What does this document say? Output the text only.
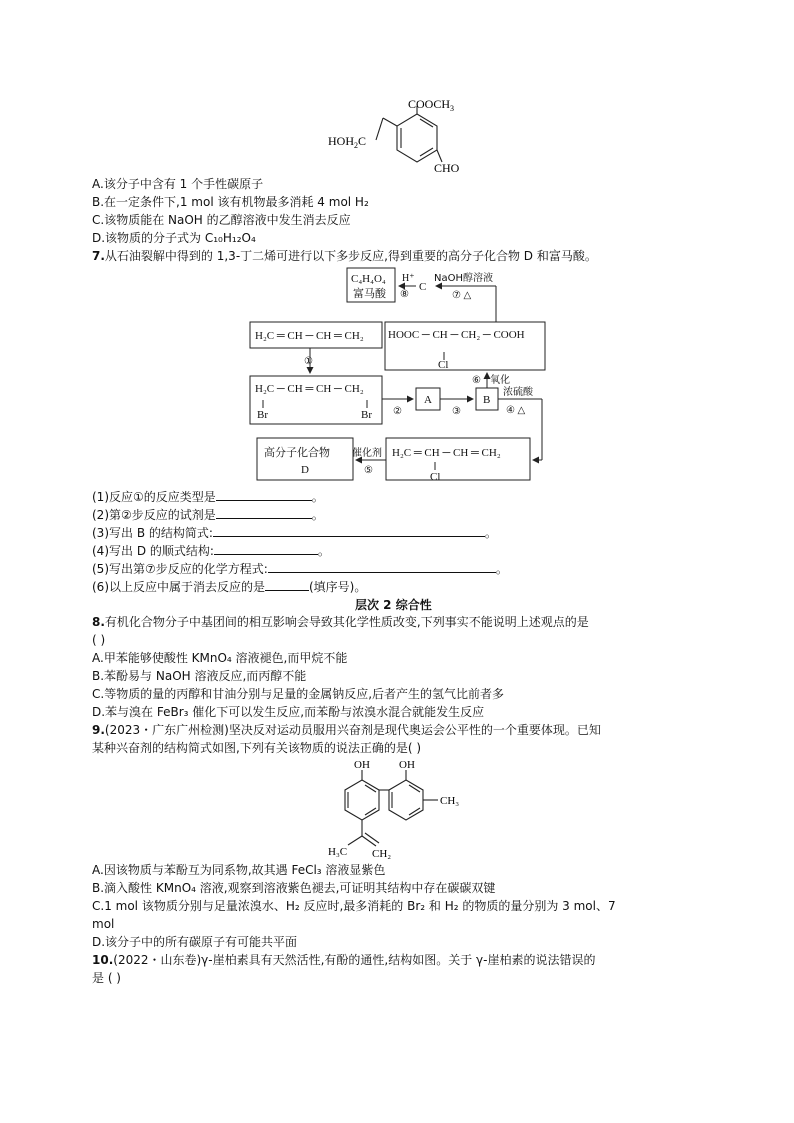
$COOCH_3$
$HOH_2C$
CHO
A.该分子中含有 1 个手性碳原子
B.在一定条件下,1 mol 该有机物最多消耗 4 mol H₂
C.该物质能在 NaOH 的乙醇溶液中发生消去反应
D.该物质的分子式为 C₁₀H₁₂O₄
7.从石油裂解中得到的 1,3-丁二烯可进行以下多步反应,得到重要的高分子化合物 D 和富马酸。
C₄H₄O₄
富马酸
H⁺
⑧
C
NaOH醇溶液
⑦ △
H₂C ═ CH ─ CH ═ CH₂ HOOC ─ CH ─ CH₂ ─ COOH
Cl
①
H₂C ─ CH ═ CH ─ CH₂
Br	Br ②
A
③
B
⑥ 氧化
浓硫酸
④ △
高分子化合物
D
催化剂
⑤
H₂C ═ CH ─ CH ═ CH₂
Cl
(1)反应①的反应类型是	。
(2)第②步反应的试剂是	。
(3)写出 B 的结构简式:	。
(4)写出 D 的顺式结构:	。
(5)写出第⑦步反应的化学方程式:	。
(6)以上反应中属于消去反应的是	(填序号)。
层次 2 综合性
8.有机化合物分子中基团间的相互影响会导致其化学性质改变,下列事实不能说明上述观点的是
( )
A.甲苯能够使酸性 KMnO₄ 溶液褪色,而甲烷不能
B.苯酚易与 NaOH 溶液反应,而丙醇不能
C.等物质的量的丙醇和甘油分别与足量的金属钠反应,后者产生的氢气比前者多
D.苯与溴在 FeBr₃ 催化下可以发生反应,而苯酚与浓溴水混合就能发生反应
9.(2023・广东广州检测)坚决反对运动员服用兴奋剂是现代奥运会公平性的一个重要体现。已知
某种兴奋剂的结构简式如图,下列有关该物质的说法正确的是( )
OH	OH
CH₃
H₃C CH₂
A.因该物质与苯酚互为同系物,故其遇 FeCl₃ 溶液显紫色
B.滴入酸性 KMnO₄ 溶液,观察到溶液紫色褪去,可证明其结构中存在碳碳双键
C.1 mol 该物质分别与足量浓溴水、H₂ 反应时,最多消耗的 Br₂ 和 H₂ 的物质的量分别为 3 mol、7
mol
D.该分子中的所有碳原子有可能共平面
10.(2022・山东卷)γ-崖柏素具有天然活性,有酚的通性,结构如图。关于 γ-崖柏素的说法错误的
是 ( )
